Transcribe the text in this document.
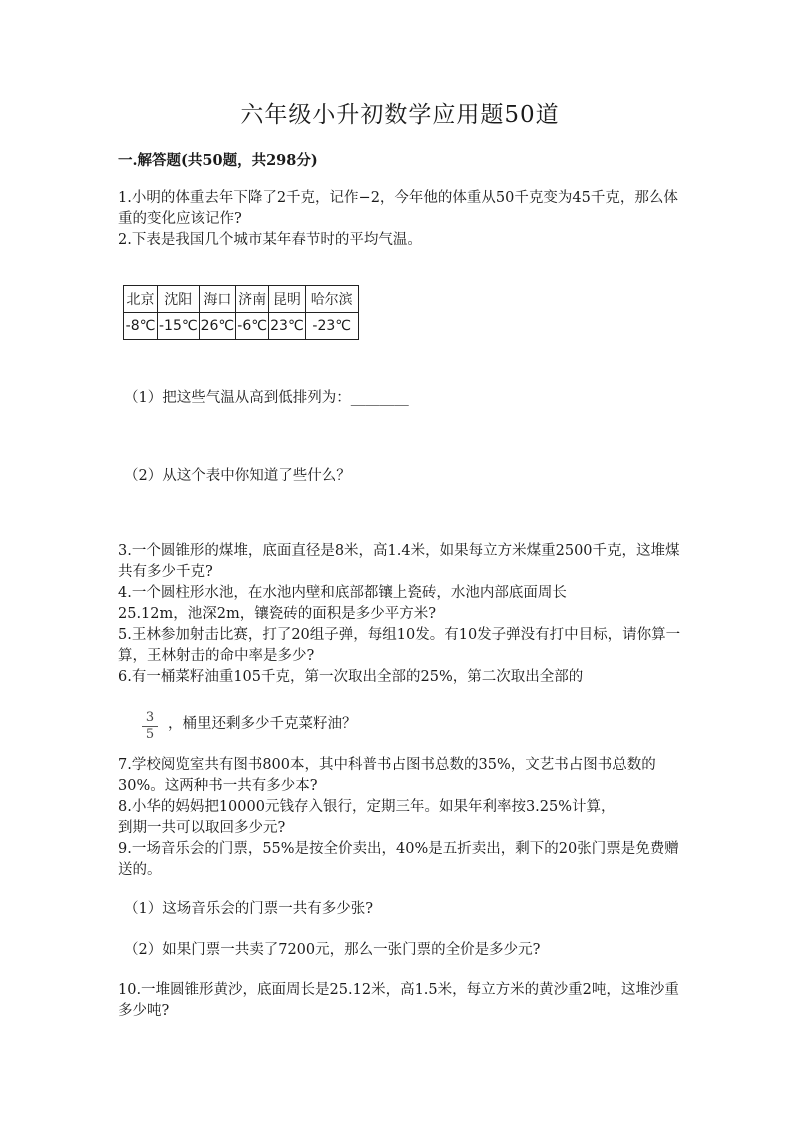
六年级小升初数学应用题50道
一.解答题(共50题，共298分)
1.小明的体重去年下降了2千克，记作−2，今年他的体重从50千克变为45千克，那么体重的变化应该记作?
2.下表是我国几个城市某年春节时的平均气温。
北京	沈阳	海口	济南	昆明	哈尔滨
-8℃	-15℃	26℃	-6℃	23℃	-23℃
（1）把这些气温从高到低排列为：________
（2）从这个表中你知道了些什么？
3.一个圆锥形的煤堆，底面直径是8米，高1.4米，如果每立方米煤重2500千克，这堆煤共有多少千克?
4.一个圆柱形水池，在水池内壁和底部都镶上瓷砖，水池内部底面周长
25.12m，池深2m，镶瓷砖的面积是多少平方米?
5.王林参加射击比赛，打了20组子弹，每组10发。有10发子弹没有打中目标，请你算一算，王林射击的命中率是多少?
6.有一桶菜籽油重105千克，第一次取出全部的25%，第二次取出全部的
$\frac{3}{5}$ ，桶里还剩多少千克菜籽油？
7.学校阅览室共有图书800本，其中科普书占图书总数的35%，文艺书占图书总数的30%。这两种书一共有多少本?
8.小华的妈妈把10000元钱存入银行，定期三年。如果年利率按3.25%计算，
到期一共可以取回多少元?
9.一场音乐会的门票，55%是按全价卖出，40%是五折卖出，剩下的20张门票是免费赠送的。
（1）这场音乐会的门票一共有多少张?
（2）如果门票一共卖了7200元，那么一张门票的全价是多少元?
10.一堆圆锥形黄沙，底面周长是25.12米，高1.5米，每立方米的黄沙重2吨，这堆沙重多少吨?
